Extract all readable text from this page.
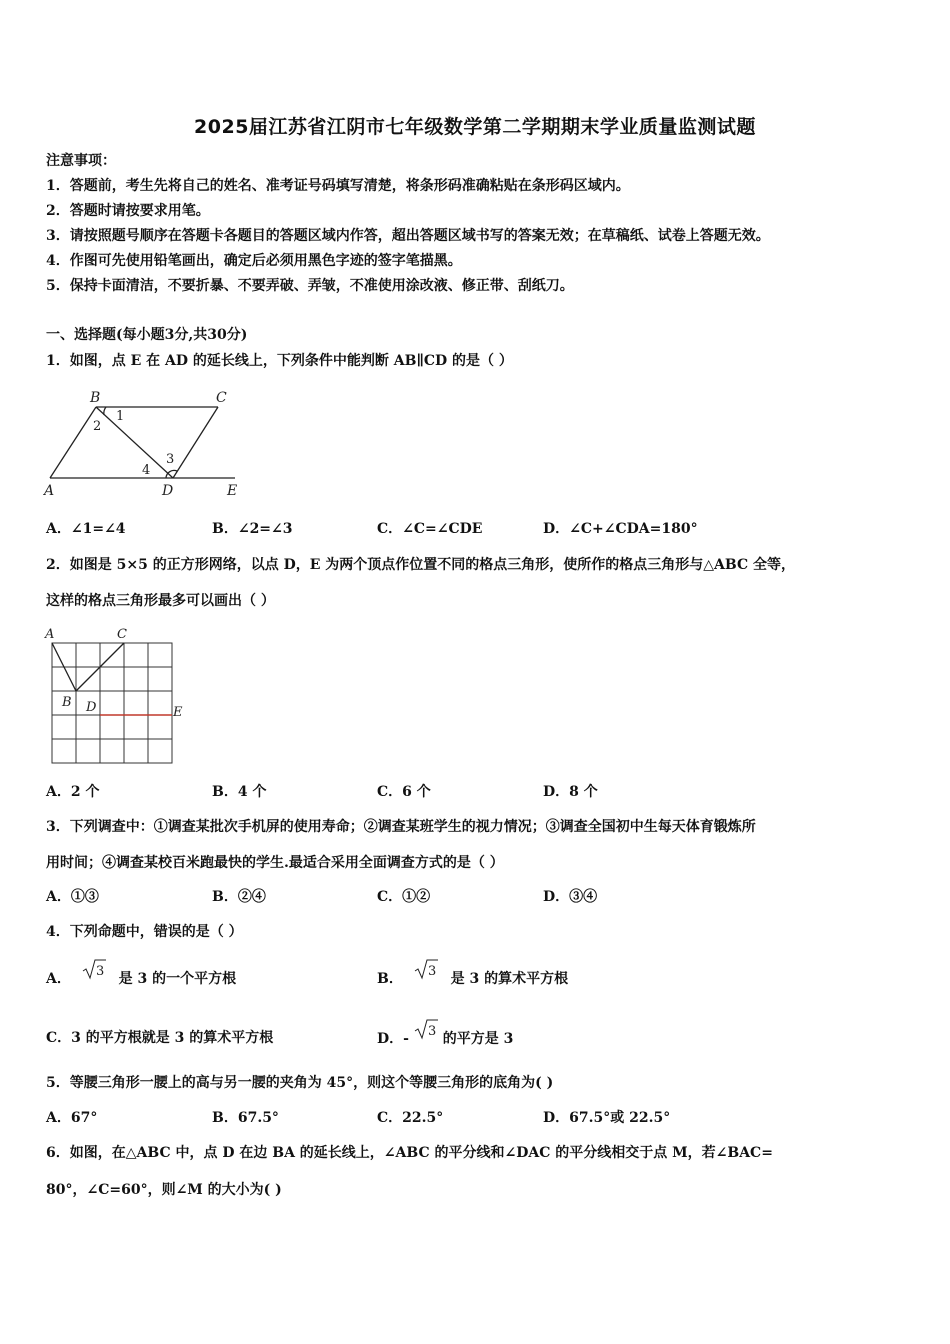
2025届江苏省江阴市七年级数学第二学期期末学业质量监测试题
注意事项：
1．答题前，考生先将自己的姓名、准考证号码填写清楚，将条形码准确粘贴在条形码区域内。
2．答题时请按要求用笔。
3．请按照题号顺序在答题卡各题目的答题区域内作答，超出答题区域书写的答案无效；在草稿纸、试卷上答题无效。
4．作图可先使用铅笔画出，确定后必须用黑色字迹的签字笔描黑。
5．保持卡面清洁，不要折暴、不要弄破、弄皱，不准使用涂改液、修正带、刮纸刀。
一、选择题(每小题3分,共30分)
1．如图，点 E 在 AD 的延长线上，下列条件中能判断 AB∥CD 的是（ ）
B	C
A	D	E
1
2
3
4
A．∠1=∠4	B．∠2=∠3	C．∠C=∠CDE	D．∠C+∠CDA=180°
2．如图是 5×5 的正方形网络，以点 D，E 为两个顶点作位置不同的格点三角形，使所作的格点三角形与△ABC 全等，
这样的格点三角形最多可以画出（ ）
A	C
B D	E
A．2 个	B．4 个	C．6 个	D．8 个
3．下列调查中：①调查某批次手机屏的使用寿命；②调查某班学生的视力情况；③调查全国初中生每天体育锻炼所
用时间；④调查某校百米跑最快的学生.最适合采用全面调查方式的是（ ）
A．①③	B．②④	C．①②	D．③④
4．下列命题中，错误的是（ ）
A． 3 是 3 的一个平方根	B． 3 是 3 的算术平方根
C．3 的平方根就是 3 的算术平方根	D．- 3 的平方是 3
5．等腰三角形一腰上的高与另一腰的夹角为 45°，则这个等腰三角形的底角为( )
A．67°	B．67.5°	C．22.5°	D．67.5°或 22.5°
6．如图，在△ABC 中，点 D 在边 BA 的延长线上，∠ABC 的平分线和∠DAC 的平分线相交于点 M，若∠BAC=
80°，∠C=60°，则∠M 的大小为( )
